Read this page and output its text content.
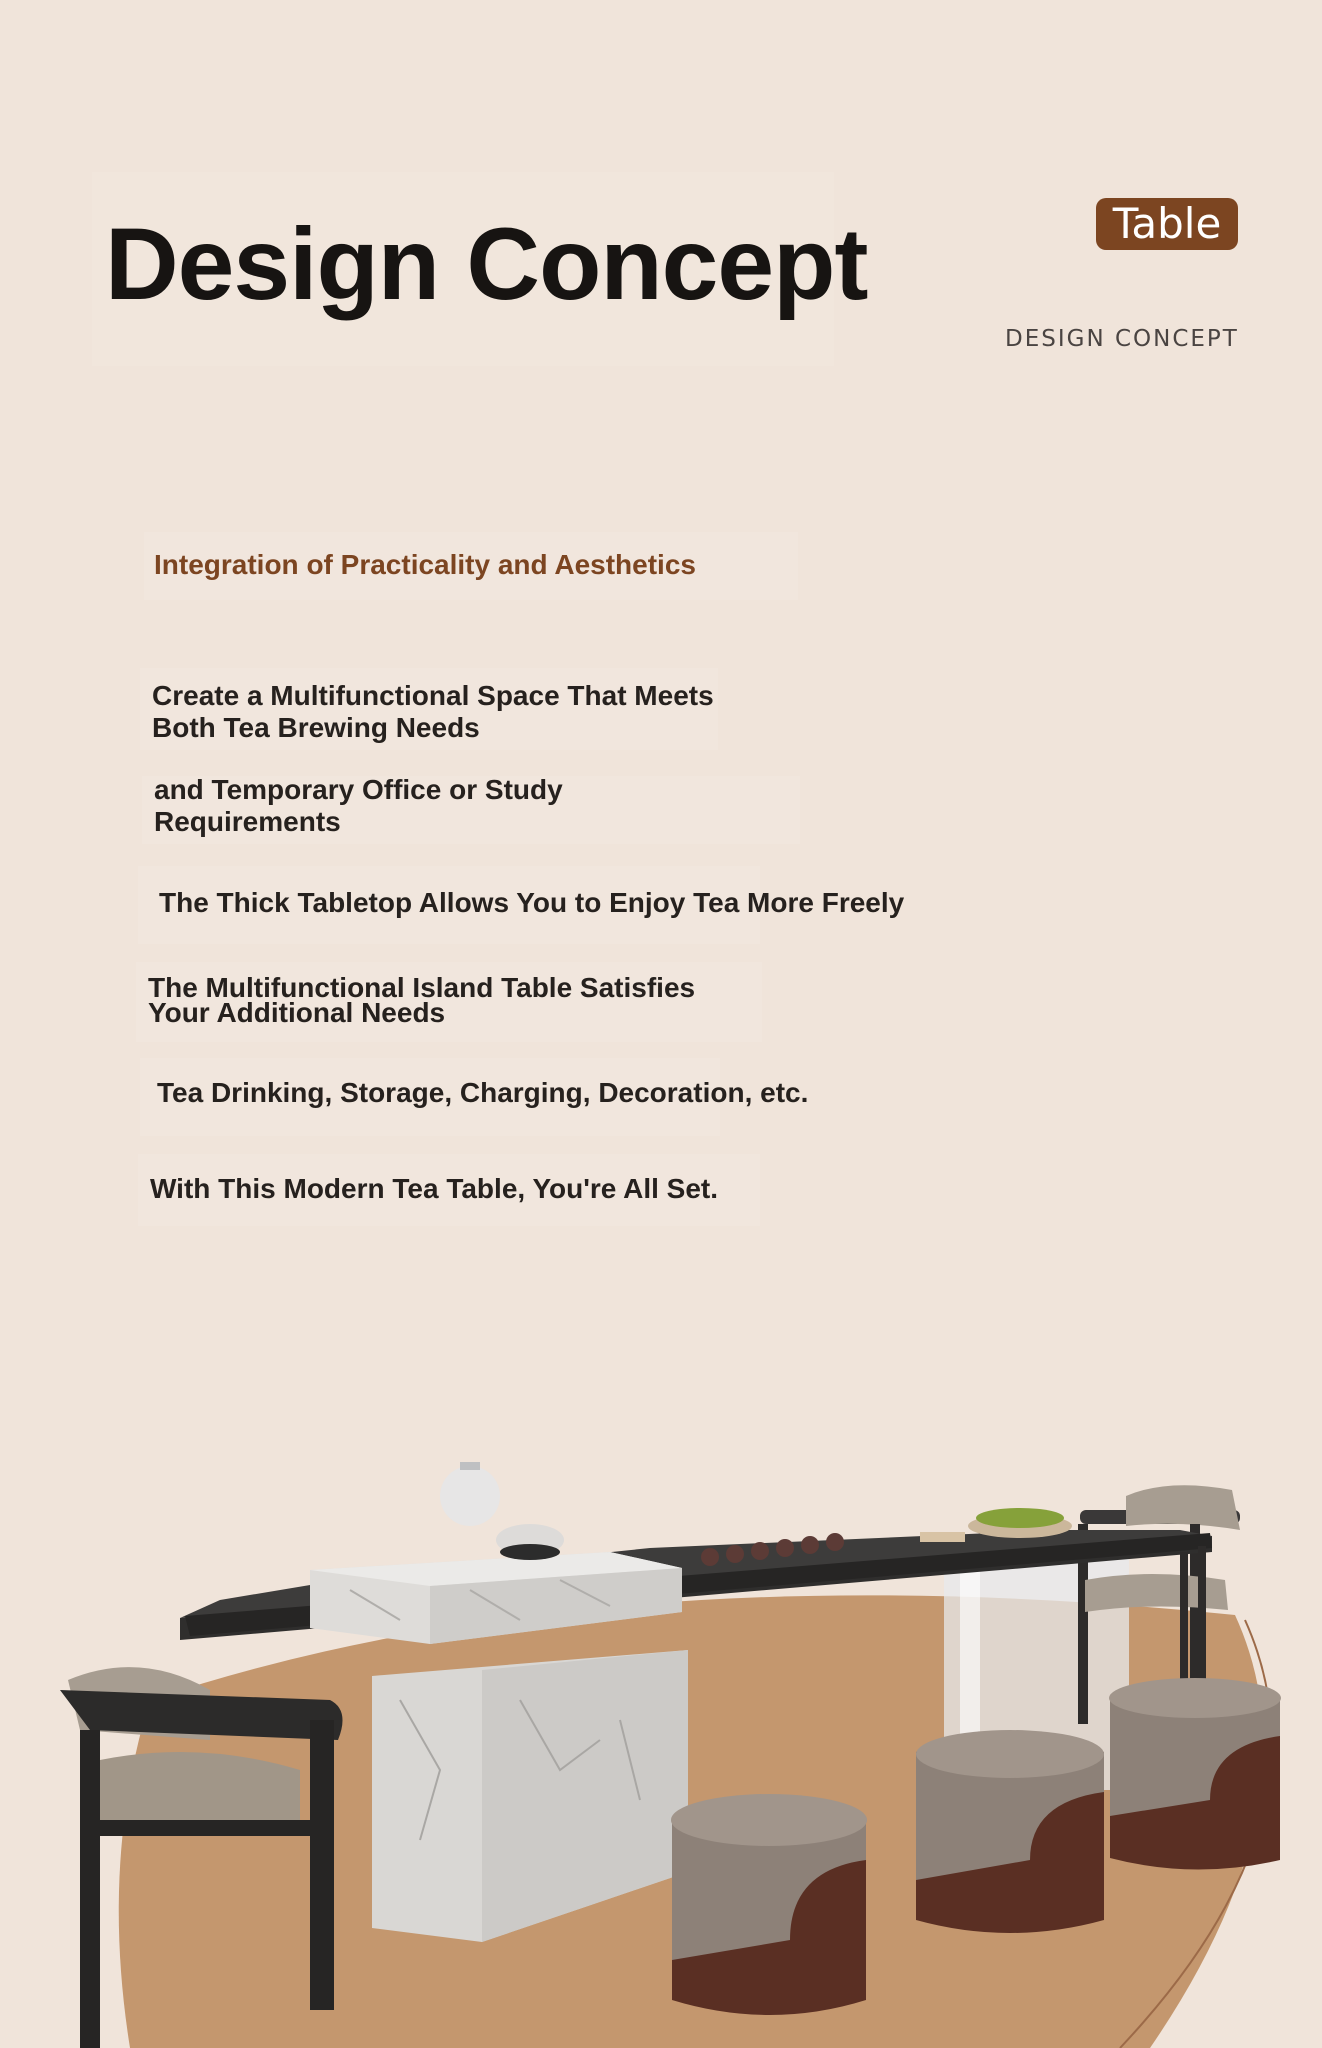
Design Concept	Table
DESIGN CONCEPT
Integration of Practicality and Aesthetics
Create a Multifunctional Space That Meets
Both Tea Brewing Needs
and Temporary Office or Study
Requirements
The Thick Tabletop Allows You to Enjoy Tea More Freely
The Multifunctional Island Table Satisfies
Your Additional Needs
Tea Drinking, Storage, Charging, Decoration, etc.
With This Modern Tea Table, You're All Set.
